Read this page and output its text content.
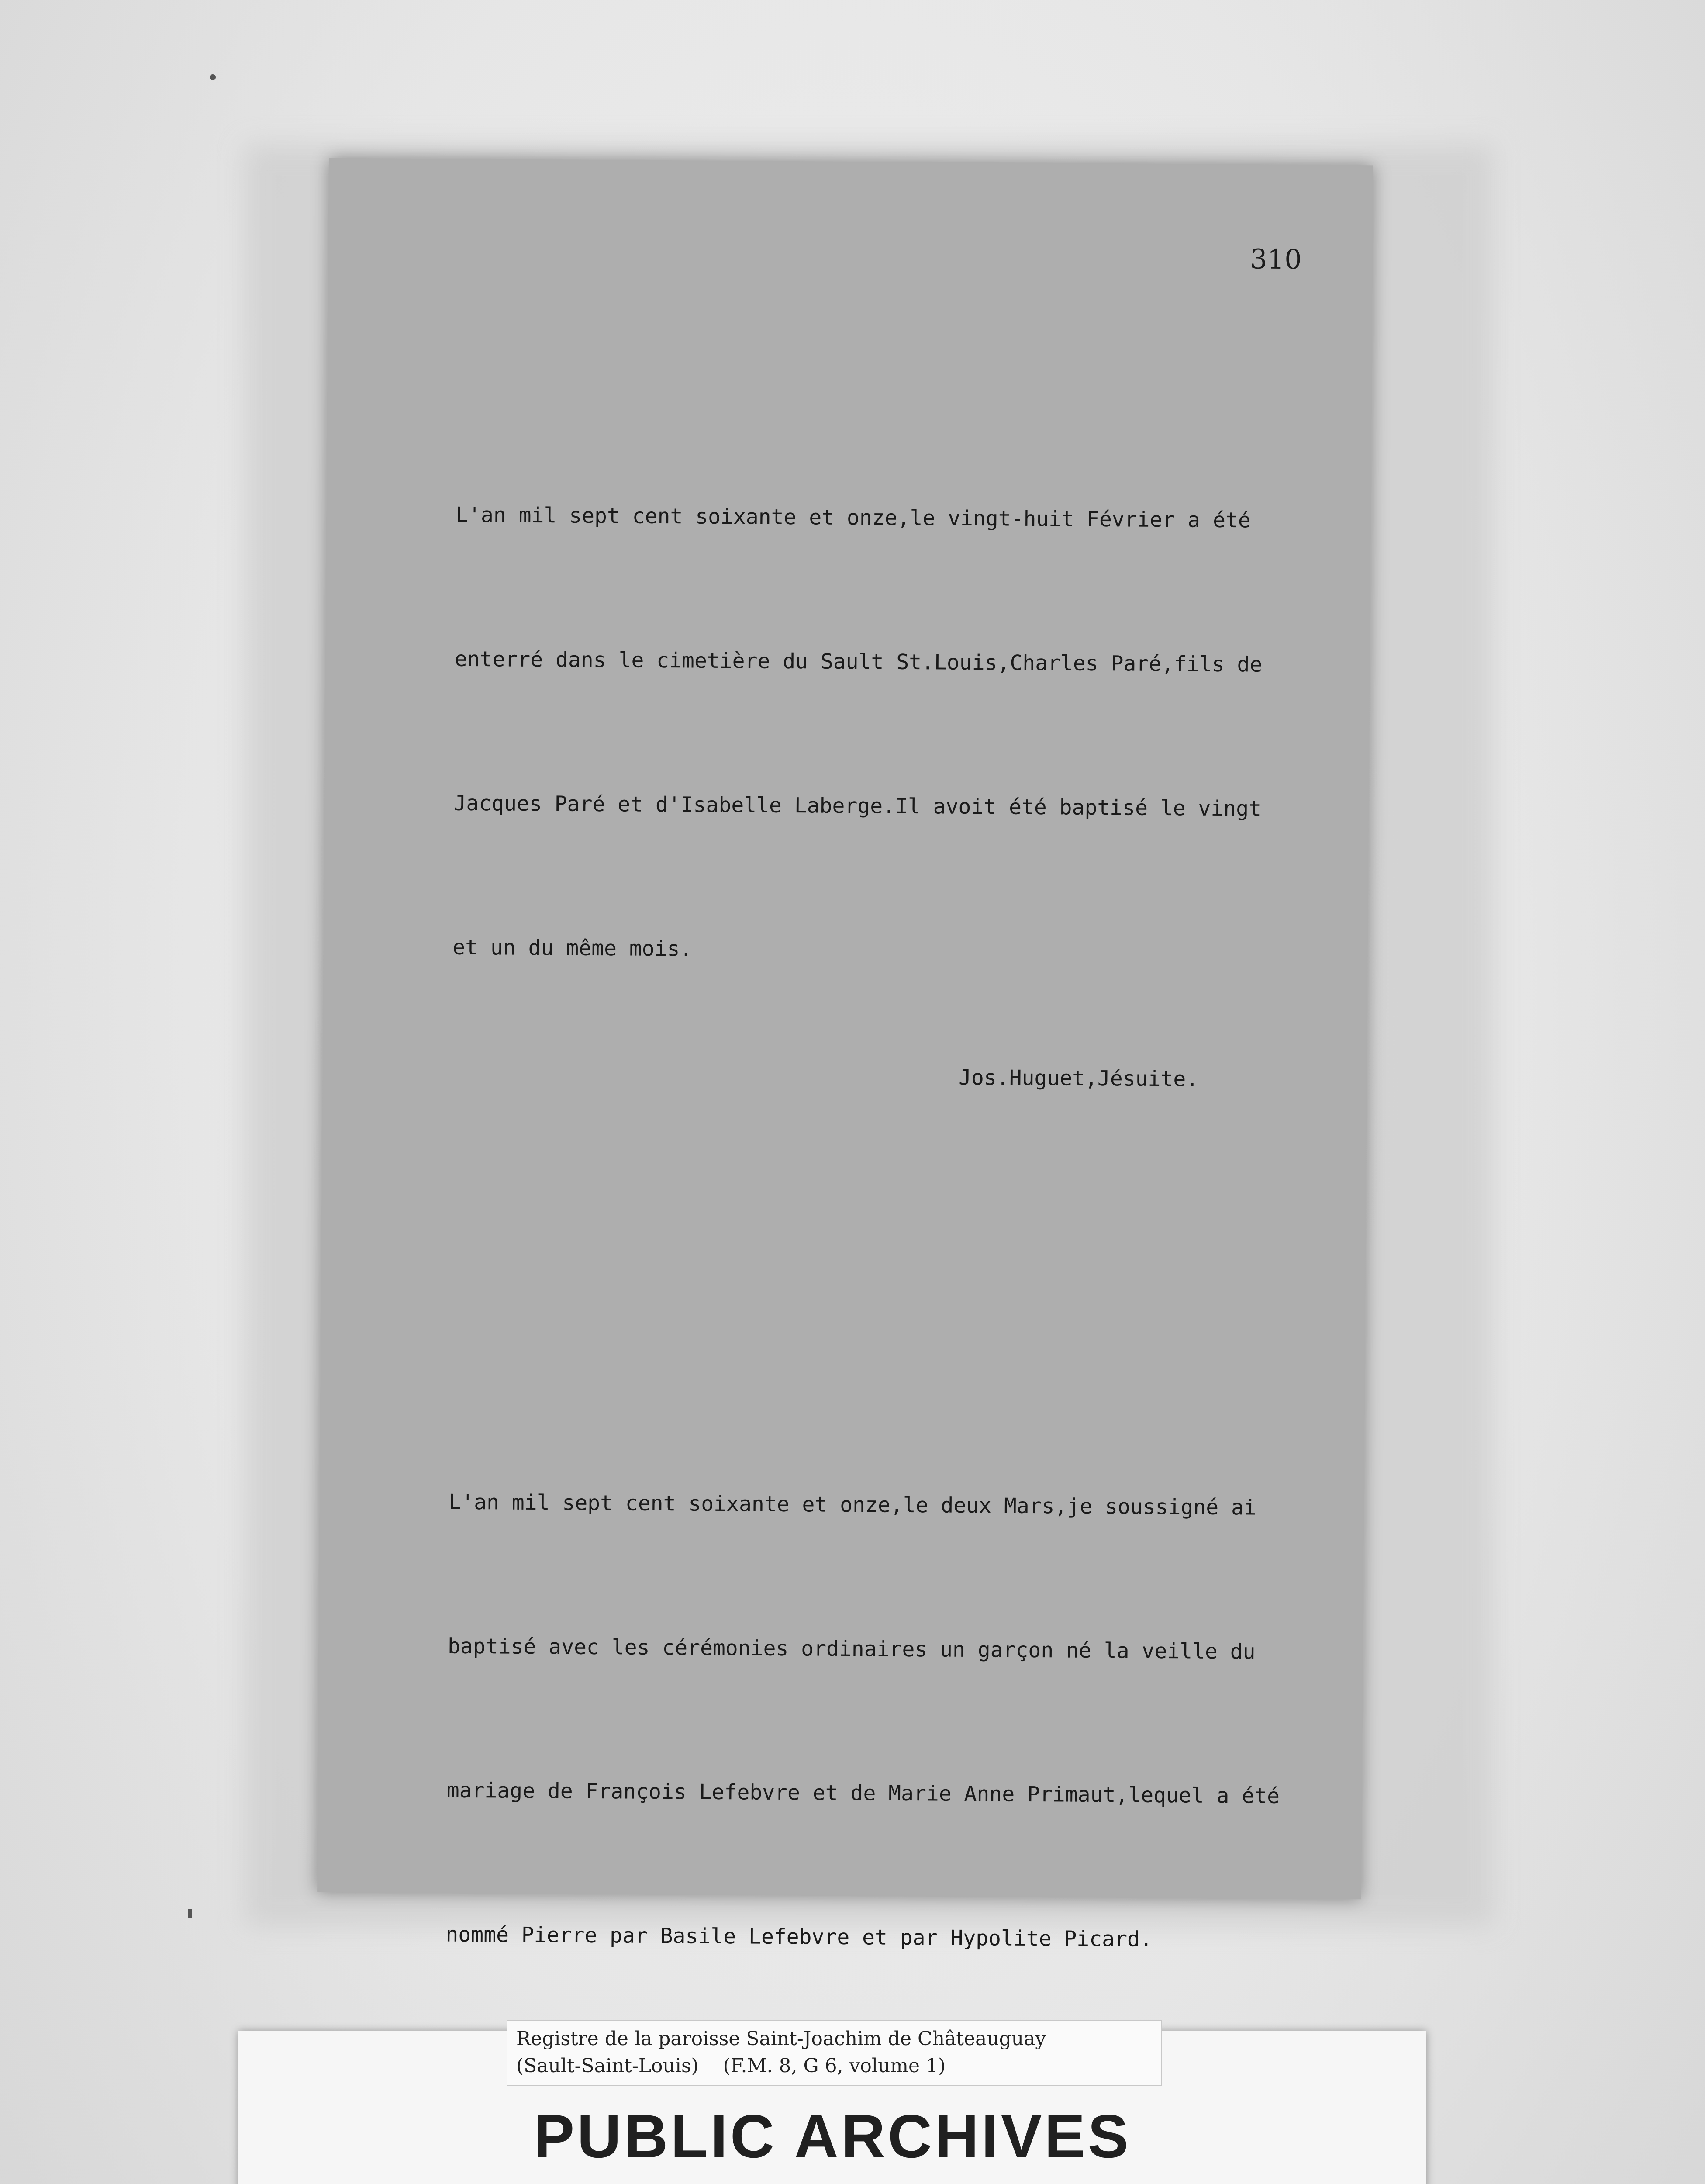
310

L'an mil sept cent soixante et onze,le vingt-huit Février a été

enterré dans le cimetière du Sault St.Louis,Charles Paré,fils de

Jacques Paré et d'Isabelle Laberge.Il avoit été baptisé le vingt

et un du même mois.

Jos.Huguet,Jésuite.

L'an mil sept cent soixante et onze,le deux Mars,je soussigné ai

baptisé avec les cérémonies ordinaires un garçon né la veille du

mariage de François Lefebvre et de Marie Anne Primaut,lequel a été

nommé Pierre par Basile Lefebvre et par Hypolite Picard.

Registre de la paroisse Saint-Joachim de Châteauguay
(Sault-Saint-Louis)    (F.M. 8, G 6, volume 1)
PUBLIC ARCHIVES
